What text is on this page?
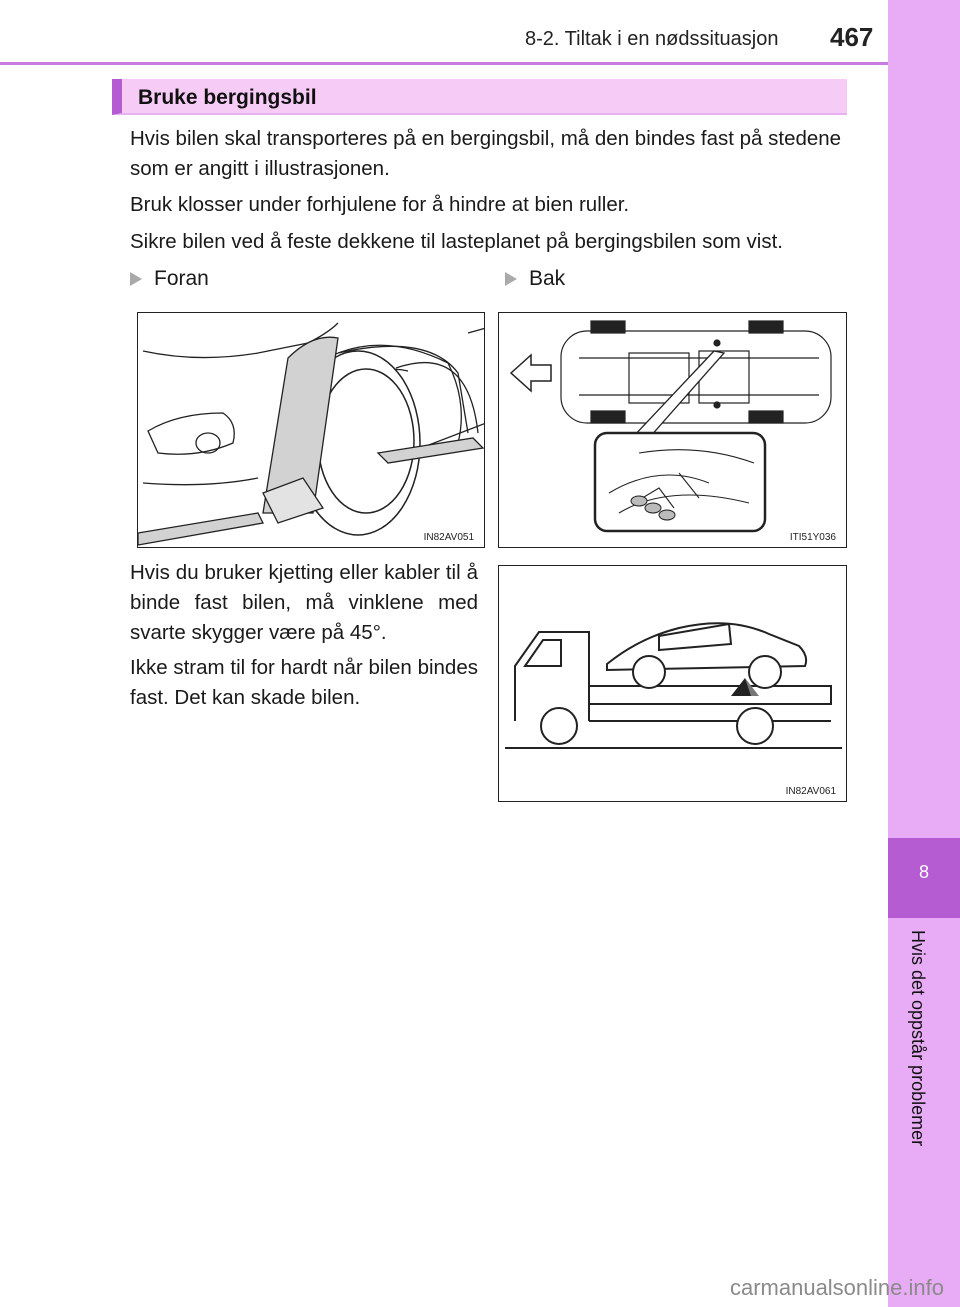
8-2. Tiltak i en nødssituasjon 467
8
Hvis det oppstår problemer
Bruke bergingsbil
Hvis bilen skal transporteres på en bergingsbil, må den bindes fast på stedene som er angitt i illustrasjonen.
Bruk klosser under forhjulene for å hindre at bien ruller.
Sikre bilen ved å feste dekkene til lasteplanet på bergingsbilen som vist.
Foran	Bak
IN82AV051	ITI51Y036
Hvis du bruker kjetting eller kabler til å binde fast bilen, må vinklene med svarte skygger være på 45°.
Ikke stram til for hardt når bilen bindes fast. Det kan skade bilen.
IN82AV061
carmanualsonline.info
